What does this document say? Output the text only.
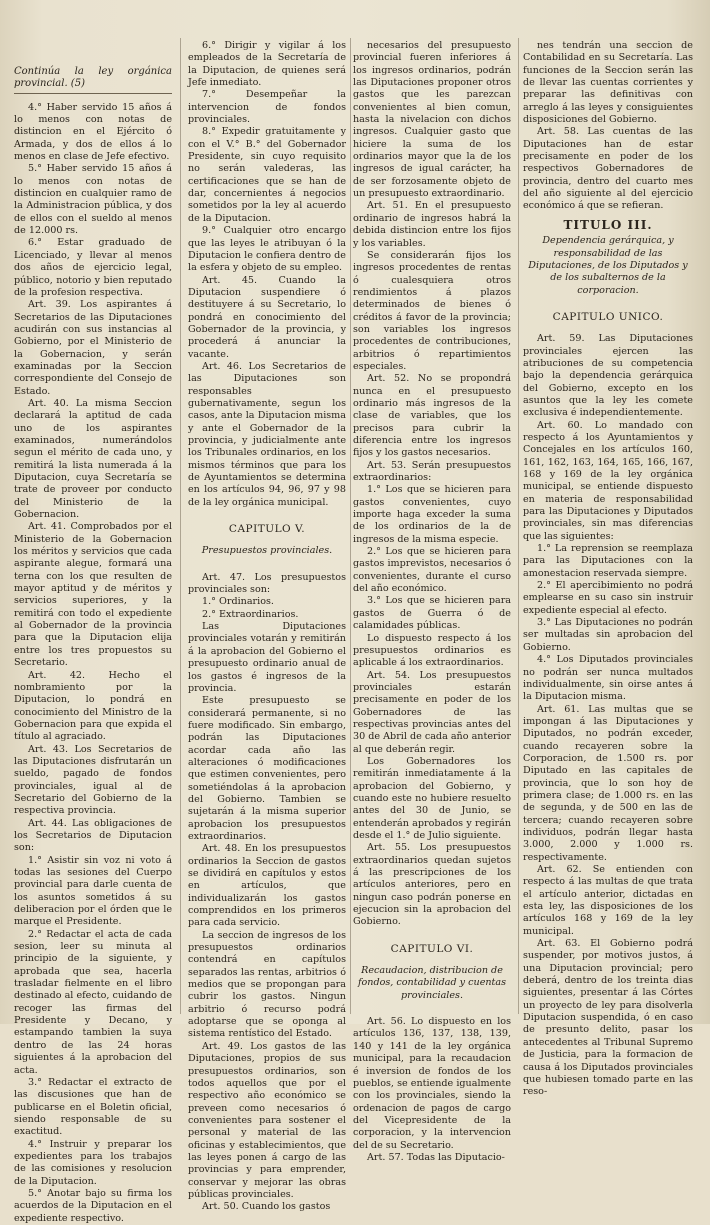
Continúa la ley orgánica provincial. (5)

4.° Haber servido 15 años á lo menos con notas de distincion en el Ejército ó Armada, y dos de ellos á lo menos en clase de Jefe efectivo.

5.° Haber servido 15 años á lo menos con notas de distincion en cualquier ramo de la Administracion pública, y dos de ellos con el sueldo al menos de 12.000 rs.

6.° Estar graduado de Licenciado, y llevar al menos dos años de ejercicio legal, público, notorio y bien reputado de la profesion respectiva.

Art. 39. Los aspirantes á Secretarios de las Diputaciones acudirán con sus instancias al Gobierno, por el Ministerio de la Gobernacion, y serán examinadas por la Seccion correspondiente del Consejo de Estado.

Art. 40. La misma Seccion declarará la aptitud de cada uno de los aspirantes examinados, numerándolos segun el mérito de cada uno, y remitirá la lista numerada á la Diputacion, cuya Secretaría se trate de proveer por conducto del Ministerio de la Gobernacion.

Art. 41. Comprobados por el Ministerio de la Gobernacion los méritos y servicios que cada aspirante alegue, formará una terna con los que resulten de mayor aptitud y de méritos y servicios superiores, y la remitirá con todo el expediente al Gobernador de la provincia para que la Diputacion elija entre los tres propuestos su Secretario.

Art. 42. Hecho el nombramiento por la Diputacion, lo pondrá en conocimiento del Ministro de la Gobernacion para que expida el título al agraciado.

Art. 43. Los Secretarios de las Diputaciones disfrutarán un sueldo, pagado de fondos provinciales, igual al de Secretario del Gobierno de la respectiva provincia.

Art. 44. Las obligaciones de los Secretarios de Diputacion son:

1.° Asistir sin voz ni voto á todas las sesiones del Cuerpo provincial para darle cuenta de los asuntos sometidos á su deliberacion por el órden que le marque el Presidente.

2.° Redactar el acta de cada sesion, leer su minuta al principio de la siguiente, y aprobada que sea, hacerla trasladar fielmente en el libro destinado al efecto, cuidando de recoger las firmas del Presidente y Decano, y estampando tambien la suya dentro de las 24 horas siguientes á la aprobacion del acta.

3.° Redactar el extracto de las discusiones que han de publicarse en el Boletin oficial, siendo responsable de su exactitud.

4.° Instruir y preparar los expedientes para los trabajos de las comisiones y resolucion de la Diputacion.

5.° Anotar bajo su firma los acuerdos de la Diputacion en el expediente respectivo.

6.° Dirigir y vigilar á los empleados de la Secretaría de la Diputacion, de quienes será Jefe inmediato.

7.° Desempeñar la intervencion de fondos provinciales.

8.° Expedir gratuitamente y con el V.° B.° del Gobernador Presidente, sin cuyo requisito no serán valederas, las certificaciones que se han de dar, concernientes á negocios sometidos por la ley al acuerdo de la Diputacion.

9.° Cualquier otro encargo que las leyes le atribuyan ó la Diputacion le confiera dentro de la esfera y objeto de su empleo.

Art. 45. Cuando la Diputacion suspendiere ó destituyere á su Secretario, lo pondrá en conocimiento del Gobernador de la provincia, y procederá á anunciar la vacante.

Art. 46. Los Secretarios de las Diputaciones son responsables gubernativamente, segun los casos, ante la Diputacion misma y ante el Gobernador de la provincia, y judicialmente ante los Tribunales ordinarios, en los mismos términos que para los de Ayuntamientos se determina en los artículos 94, 96, 97 y 98 de la ley orgánica municipal.

CAPITULO V.

Presupuestos provinciales.

Art. 47. Los presupuestos provinciales son:

1.° Ordinarios.

2.° Extraordinarios.

Las Diputaciones provinciales votarán y remitirán á la aprobacion del Gobierno el presupuesto ordinario anual de los gastos é ingresos de la provincia.

Este presupuesto se considerará permanente, si no fuere modificado. Sin embargo, podrán las Diputaciones acordar cada año las alteraciones ó modificaciones que estimen convenientes, pero sometiéndolas á la aprobacion del Gobierno. Tambien se sujetarán á la misma superior aprobacion los presupuestos extraordinarios.

Art. 48. En los presupuestos ordinarios la Seccion de gastos se dividirá en capítulos y estos en artículos, que individualizarán los gastos comprendidos en los primeros para cada servicio.

La seccion de ingresos de los presupuestos ordinarios contendrá en capítulos separados las rentas, arbitrios ó medios que se propongan para cubrir los gastos. Ningun arbitrio ó recurso podrá adoptarse que se oponga al sistema rentístico del Estado.

Art. 49. Los gastos de las Diputaciones, propios de sus presupuestos ordinarios, son todos aquellos que por el respectivo año económico se preveen como necesarios ó convenientes para sostener el personal y material de las oficinas y establecimientos, que las leyes ponen á cargo de las provincias y para emprender, conservar y mejorar las obras públicas provinciales.

Art. 50. Cuando los gastos

necesarios del presupuesto provincial fueren inferiores á los ingresos ordinarios, podrán las Diputaciones proponer otros gastos que les parezcan convenientes al bien comun, hasta la nivelacion con dichos ingresos. Cualquier gasto que hiciere la suma de los ordinarios mayor que la de los ingresos de igual carácter, ha de ser forzosamente objeto de un presupuesto extraordinario.

Art. 51. En el presupuesto ordinario de ingresos habrá la debida distincion entre los fijos y los variables.

Se considerarán fijos los ingresos procedentes de rentas ó cualesquiera otros rendimientos á plazos determinados de bienes ó créditos á favor de la provincia; son variables los ingresos procedentes de contribuciones, arbitrios ó repartimientos especiales.

Art. 52. No se propondrá nunca en el presupuesto ordinario más ingresos de la clase de variables, que los precisos para cubrir la diferencia entre los ingresos fijos y los gastos necesarios.

Art. 53. Serán presupuestos extraordinarios:

1.° Los que se hicieren para gastos convenientes, cuyo importe haga exceder la suma de los ordinarios de la de ingresos de la misma especie.

2.° Los que se hicieren para gastos imprevistos, necesarios ó convenientes, durante el curso del año económico.

3.° Los que se hicieren para gastos de Guerra ó de calamidades públicas.

Lo dispuesto respecto á los presupuestos ordinarios es aplicable á los extraordinarios.

Art. 54. Los presupuestos provinciales estarán precisamente en poder de los Gobernadores de las respectivas provincias antes del 30 de Abril de cada año anterior al que deberán regir.

Los Gobernadores los remitirán inmediatamente á la aprobacion del Gobierno, y cuando este no hubiere resuelto antes del 30 de Junio, se entenderán aprobados y regirán desde el 1.° de Julio siguiente.

Art. 55. Los presupuestos extraordinarios quedan sujetos á las prescripciones de los artículos anteriores, pero en ningun caso podrán ponerse en ejecucion sin la aprobacion del Gobierno.

CAPITULO VI.

Recaudacion, distribucion de fondos, contabilidad y cuentas provinciales.

Art. 56. Lo dispuesto en los artículos 136, 137, 138, 139, 140 y 141 de la ley orgánica municipal, para la recaudacion é inversion de fondos de los pueblos, se entiende igualmente con los provinciales, siendo la ordenacion de pagos de cargo del Vicepresidente de la corporacion, y la intervencion del de su Secretario.

Art. 57. Todas las Diputacio-

nes tendrán una seccion de Contabilidad en su Secretaría. Las funciones de la Seccion serán las de llevar las cuentas corrientes y preparar las definitivas con arreglo á las leyes y consiguientes disposiciones del Gobierno.

Art. 58. Las cuentas de las Diputaciones han de estar precisamente en poder de los respectivos Gobernadores de provincia, dentro del cuarto mes del año siguiente al del ejercicio económico á que se refieran.

TITULO III.

Dependencia gerárquica, y responsabilidad de las Diputaciones, de los Diputados y de los subalternos de la corporacion.

CAPITULO UNICO.

Art. 59. Las Diputaciones provinciales ejercen las atribuciones de su competencia bajo la dependencia gerárquica del Gobierno, excepto en los asuntos que la ley les comete exclusiva é independientemente.

Art. 60. Lo mandado con respecto á los Ayuntamientos y Concejales en los artículos 160, 161, 162, 163, 164, 165, 166, 167, 168 y 169 de la ley orgánica municipal, se entiende dispuesto en materia de responsabilidad para las Diputaciones y Diputados provinciales, sin mas diferencias que las siguientes:

1.° La reprension se reemplaza para las Diputaciones con la amonestacion reservada siempre.

2.° El apercibimiento no podrá emplearse en su caso sin instruir expediente especial al efecto.

3.° Las Diputaciones no podrán ser multadas sin aprobacion del Gobierno.

4.° Los Diputados provinciales no podrán ser nunca multados individualmente, sin oirse antes á la Diputacion misma.

Art. 61. Las multas que se impongan á las Diputaciones y Diputados, no podrán exceder, cuando recayeren sobre la Corporacion, de 1.500 rs. por Diputado en las capitales de provincia, que lo son hoy de primera clase; de 1.000 rs. en las de segunda, y de 500 en las de tercera; cuando recayeren sobre individuos, podrán llegar hasta 3.000, 2.000 y 1.000 rs. respectivamente.

Art. 62. Se entienden con respecto á las multas de que trata el artículo anterior, dictadas en esta ley, las disposiciones de los artículos 168 y 169 de la ley municipal.

Art. 63. El Gobierno podrá suspender, por motivos justos, á una Diputacion provincial; pero deberá, dentro de los treinta dias siguientes, presentar á las Córtes un proyecto de ley para disolverla Diputacion suspendida, ó en caso de presunto delito, pasar los antecedentes al Tribunal Supremo de Justicia, para la formacion de causa á los Diputados provinciales que hubiesen tomado parte en las reso-
